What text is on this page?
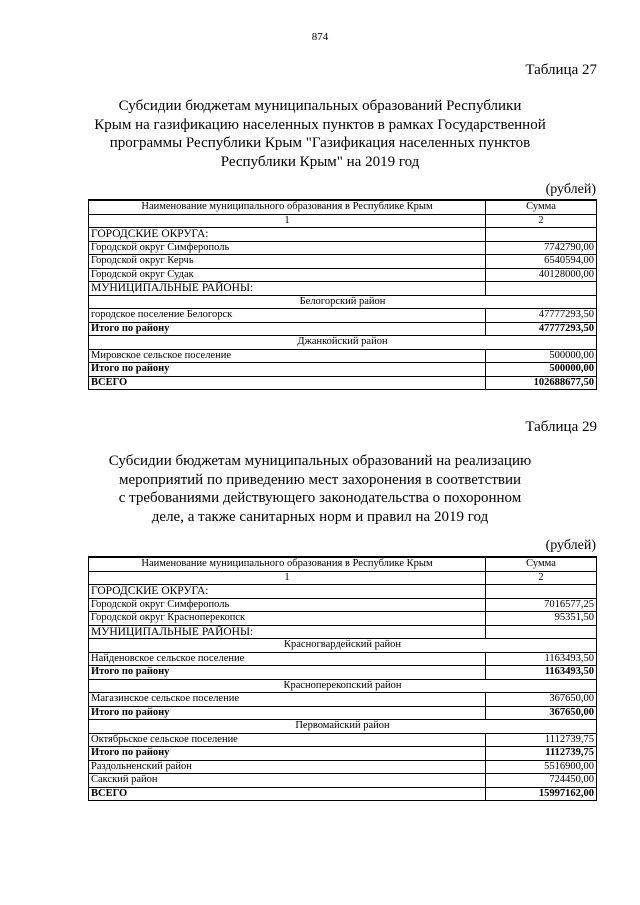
874
Таблица 27
Субсидии бюджетам муниципальных образований Республики
Крым на газификацию населенных пунктов в рамках Государственной
программы Республики Крым "Газификация населенных пунктов
Республики Крым" на 2019 год
(рублей)
Наименование муниципального образования в Республике Крым	Сумма
1	2
ГОРОДСКИЕ ОКРУГА:	
Городской округ Симферополь	7742790,00
Городской округ Керчь	6540594,00
Городской округ Судак	40128000,00
МУНИЦИПАЛЬНЫЕ РАЙОНЫ:	
Белогорский район	
городское поселение Белогорск	47777293,50
Итого по району	47777293,50
Джанкойский район	
Мировское сельское поселение	500000,00
Итого по району	500000,00
ВСЕГО	102688677,50
Таблица 29
Субсидии бюджетам муниципальных образований на реализацию
мероприятий по приведению мест захоронения в соответствии
с требованиями действующего законодательства о похоронном
деле, а также санитарных норм и правил на 2019 год
(рублей)
Наименование муниципального образования в Республике Крым	Сумма
1	2
ГОРОДСКИЕ ОКРУГА:	
Городской округ Симферополь	7016577,25
Городской округ Красноперекопск	95351,50
МУНИЦИПАЛЬНЫЕ РАЙОНЫ:	
Красногвардейский район	
Найденовское сельское поселение	1163493,50
Итого по району	1163493,50
Красноперекопский район	
Магазинское сельское поселение	367650,00
Итого по району	367650,00
Первомайский район	
Октябрьское сельское поселение	1112739,75
Итого по району	1112739,75
Раздольненский район	5516900,00
Сакский район	724450,00
ВСЕГО	15997162,00
